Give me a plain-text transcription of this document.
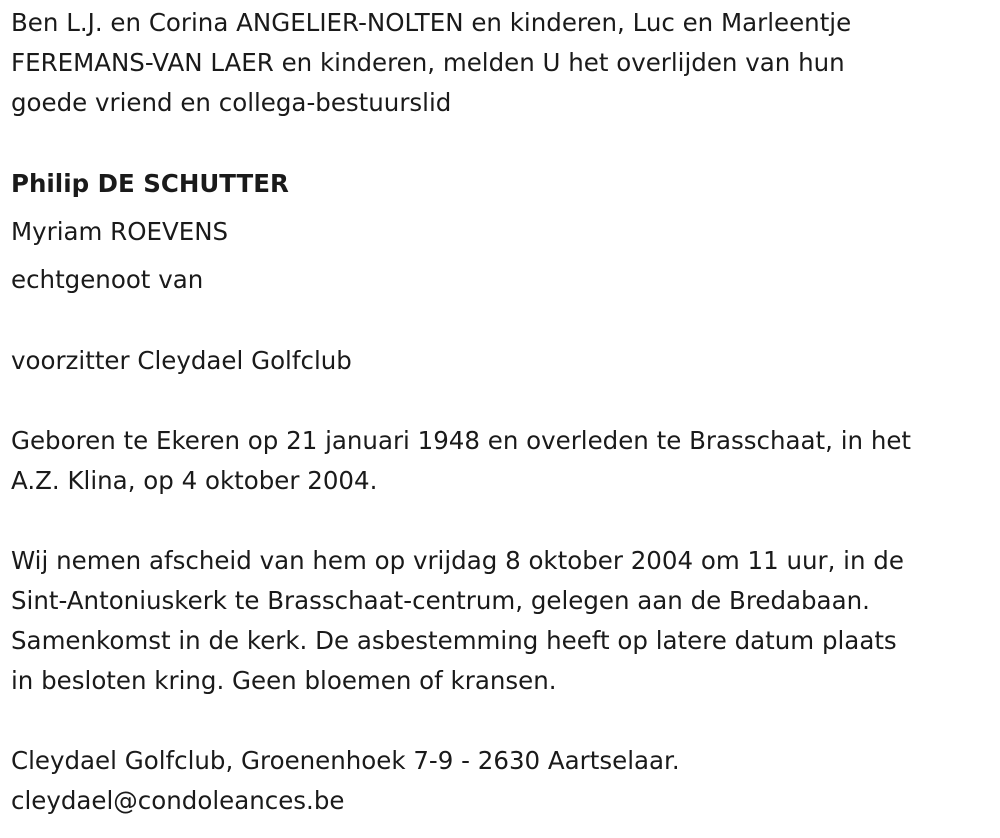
Ben L.J. en Corina ANGELIER-NOLTEN en kinderen, Luc en Marleentje

FEREMANS-VAN LAER en kinderen, melden U het overlijden van hun

goede vriend en collega-bestuurslid

Philip DE SCHUTTER

Myriam ROEVENS

echtgenoot van

voorzitter Cleydael Golfclub

Geboren te Ekeren op 21 januari 1948 en overleden te Brasschaat, in het

A.Z. Klina, op 4 oktober 2004.

Wij nemen afscheid van hem op vrijdag 8 oktober 2004 om 11 uur, in de

Sint-Antoniuskerk te Brasschaat-centrum, gelegen aan de Bredabaan.

Samenkomst in de kerk. De asbestemming heeft op latere datum plaats

in besloten kring. Geen bloemen of kransen.

Cleydael Golfclub, Groenenhoek 7-9 - 2630 Aartselaar.

cleydael@condoleances.be
